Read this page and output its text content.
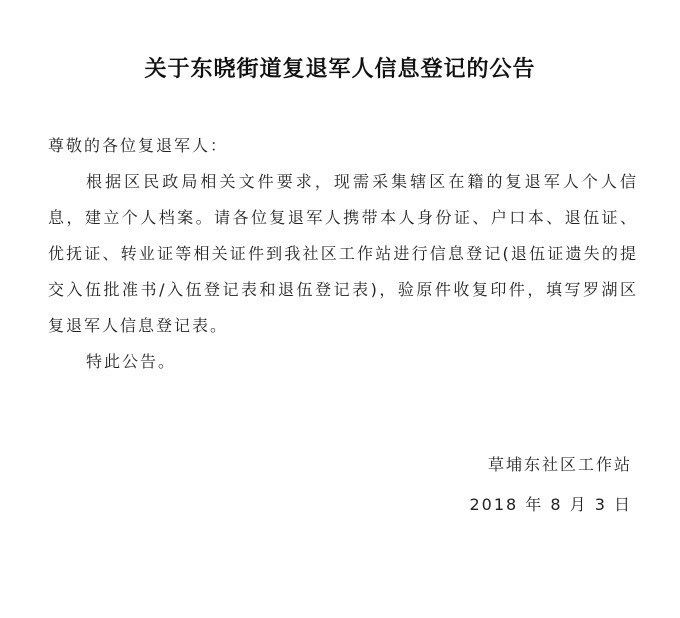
关于东晓街道复退军人信息登记的公告
尊敬的各位复退军人：
根据区民政局相关文件要求，现需采集辖区在籍的复退军人个人信息，建立个人档案。请各位复退军人携带本人身份证、户口本、退伍证、优抚证、转业证等相关证件到我社区工作站进行信息登记(退伍证遗失的提交入伍批准书/入伍登记表和退伍登记表)，验原件收复印件，填写罗湖区复退军人信息登记表。
特此公告。
草埔东社区工作站
2018 年 8 月 3 日
